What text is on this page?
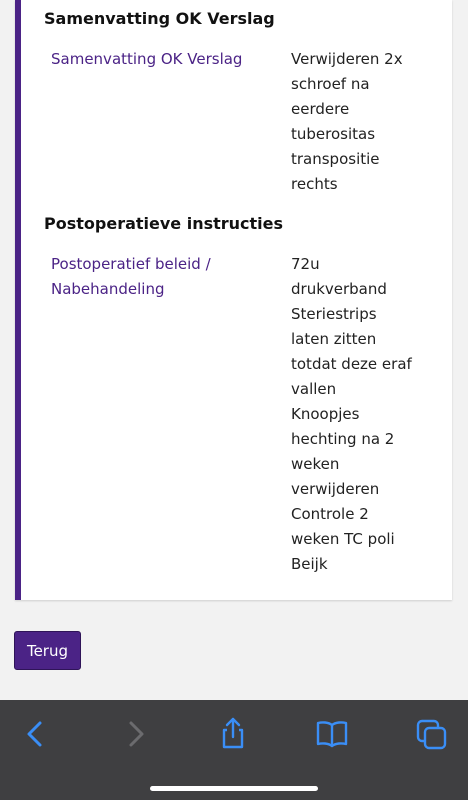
Samenvatting OK Verslag
Samenvatting OK Verslag	Verwijderen 2x
schroef na
eerdere
tuberositas
transpositie
rechts
Postoperatieve instructies
Postoperatief beleid /
Nabehandeling
72u
drukverband
Steriestrips
laten zitten
totdat deze eraf
vallen
Knoopjes
hechting na 2
weken
verwijderen
Controle 2
weken TC poli
Beijk
Terug
